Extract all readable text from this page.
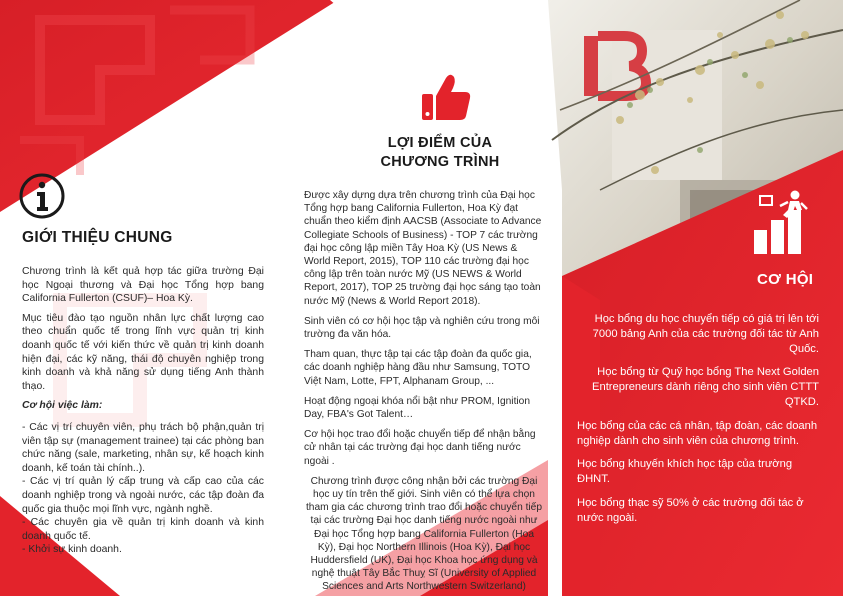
GIỚI THIỆU CHUNG
LỢI ĐIỂM CỦA
CHƯƠNG TRÌNH
CƠ HỘI

Chương trình là kết quả hợp tác giữa trường Đại học Ngoại thương và Đại học Tổng hợp bang California Fullerton (CSUF)– Hoa Kỳ.

Mục tiêu đào tạo nguồn nhân lực chất lượng cao theo chuẩn quốc tế trong lĩnh vực quản trị kinh doanh quốc tế với kiến thức về quản trị kinh doanh hiện đại, các kỹ năng, thái độ chuyên nghiệp trong kinh doanh và khả năng sử dụng tiếng Anh thành thạo.

Cơ hội việc làm:

- Các vị trí chuyên viên, phụ trách bộ phận,quản trị viên tập sự (management trainee) tại các phòng ban chức năng (sale, marketing, nhân sự, kế hoạch kinh doanh, kế toán tài chính..).

- Các vị trí quản lý cấp trung và cấp cao của các doanh nghiệp trong và ngoài nước, các tập đoàn đa quốc gia thuộc mọi lĩnh vực, ngành nghề.

- Các chuyên gia về quản trị kinh doanh và kinh doanh quốc tế.

- Khởi sự kinh doanh.

Được xây dựng dựa trên chương trình của Đại học Tổng hợp bang California Fullerton, Hoa Kỳ đạt chuẩn theo kiểm định AACSB (Associate to Advance Collegiate Schools of Business) - TOP 7 các trường đại học công lập miền Tây Hoa Kỳ (US News & World Report, 2015), TOP 110 các trường đại học công lập trên toàn nước Mỹ (US NEWS & World Report, 2017), TOP 25 trường đại học sáng tạo toàn nước Mỹ (News & World Report 2018).

Sinh viên có cơ hội học tập và nghiên cứu trong môi trường đa văn hóa.

Tham quan, thực tập tại các tập đoàn đa quốc gia, các doanh nghiệp hàng đầu như Samsung, TOTO Việt Nam, Lotte, FPT, Alphanam Group, ...

Hoạt động ngoại khóa nổi bật như PROM, Ignition Day, FBA's Got Talent…

Cơ hội học trao đổi hoặc chuyển tiếp để nhận bằng cử nhân tại các trường đại học danh tiếng nước ngoài .

Chương trình được công nhận bởi các trường Đại học uy tín trên thế giới. Sinh viên có thể lựa chọn tham gia các chương trình trao đổi hoặc chuyển tiếp tại các trường Đại học danh tiếng nước ngoài như Đại học Tổng hợp bang California Fullerton (Hoa Kỳ), Đại học Northern Illinois (Hoa Kỳ), Đại học Huddersfield (UK), Đại học Khoa học ứng dụng và nghệ thuật Tây Bắc Thuỵ Sĩ (University of Applied Sciences and Arts Northwestern Switzerland)

Học bổng du học chuyển tiếp có giá trị lên tới 7000 bảng Anh của các trường đối tác từ Anh Quốc.

Học bổng từ Quỹ học bổng The Next Golden Entrepreneurs dành riêng cho sinh viên CTTT QTKD.

Học bổng của các cá nhân, tập đoàn, các doanh nghiệp dành cho sinh viên của chương trình.

Học bổng khuyến khích học tập của trường ĐHNT.

Học bổng thạc sỹ 50% ở các trường đối tác ở nước ngoài.
